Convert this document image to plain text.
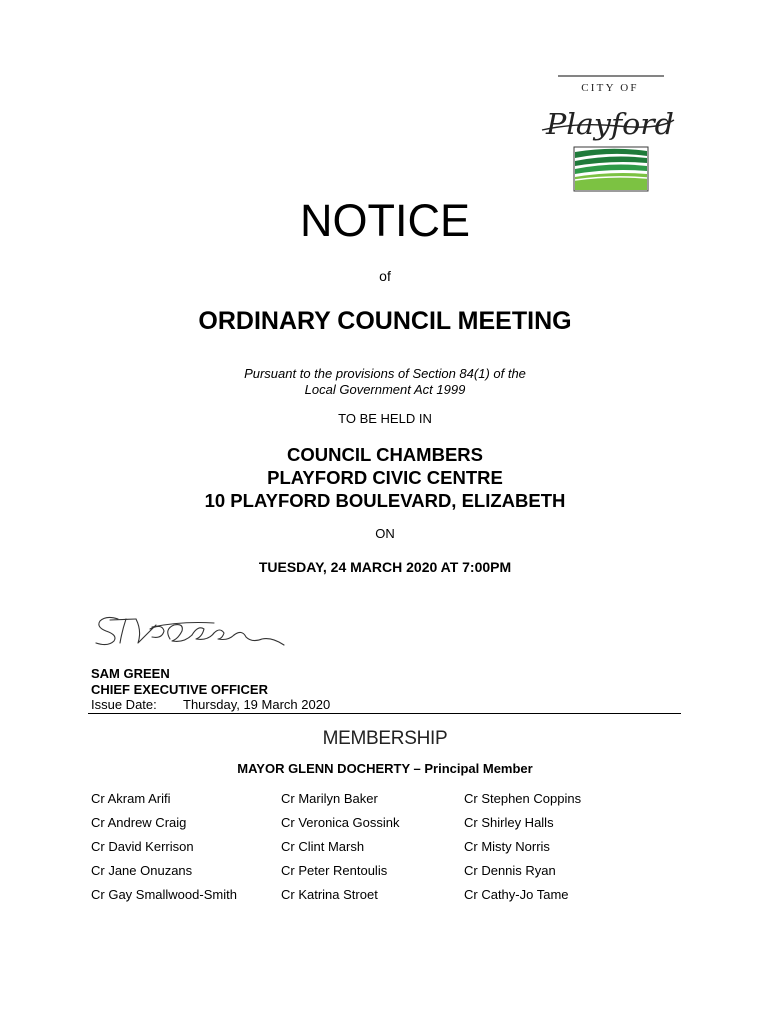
CITY OF
Playford
NOTICE
of
ORDINARY COUNCIL MEETING
Pursuant to the provisions of Section 84(1) of the
Local Government Act 1999
TO BE HELD IN
COUNCIL CHAMBERS
PLAYFORD CIVIC CENTRE
10 PLAYFORD BOULEVARD, ELIZABETH
ON
TUESDAY, 24 MARCH 2020 AT 7:00PM
SAM GREEN
CHIEF EXECUTIVE OFFICER
Issue Date: Thursday, 19 March 2020
MEMBERSHIP
MAYOR GLENN DOCHERTY – Principal Member
Cr Akram Arifi	Cr Marilyn Baker	Cr Stephen Coppins
Cr Andrew Craig	Cr Veronica Gossink	Cr Shirley Halls
Cr David Kerrison	Cr Clint Marsh	Cr Misty Norris
Cr Jane Onuzans	Cr Peter Rentoulis	Cr Dennis Ryan
Cr Gay Smallwood-Smith	Cr Katrina Stroet	Cr Cathy-Jo Tame
